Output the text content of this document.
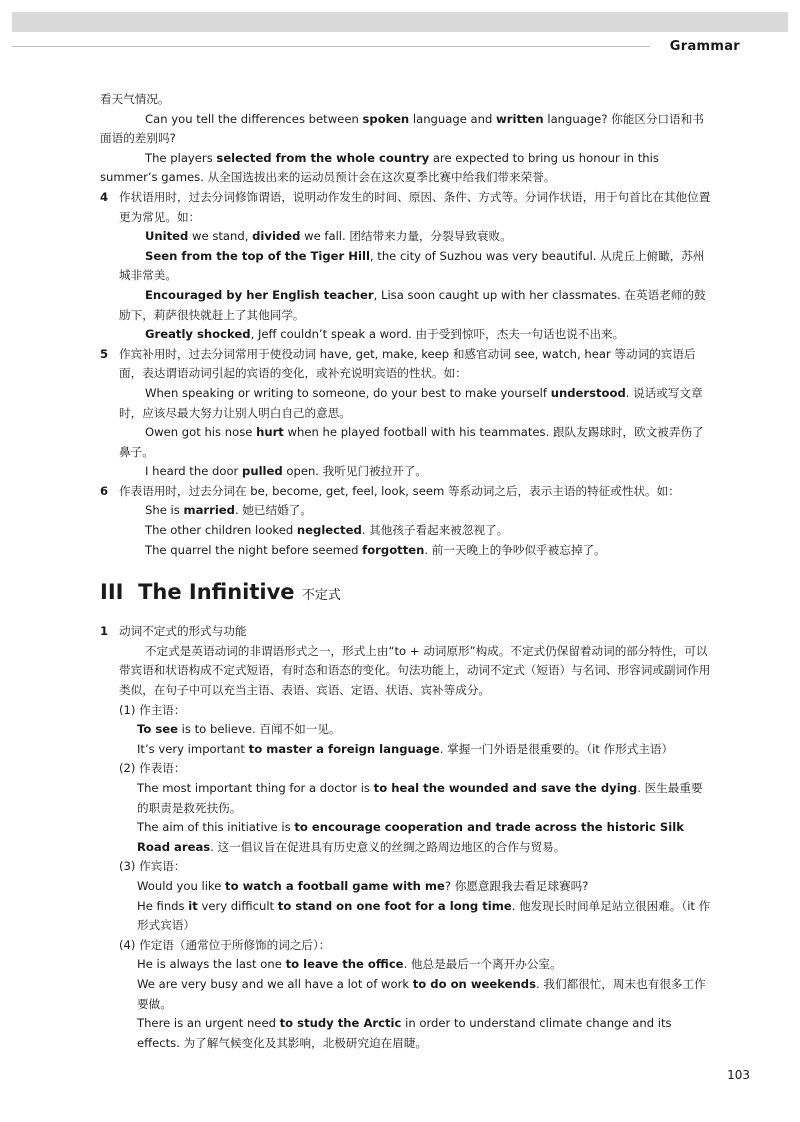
Grammar

看天气情况。

Can you tell the differences between spoken language and written language? 你能区分口语和书面语的差别吗?

The players selected from the whole country are expected to bring us honour in this summer’s games. 从全国选拔出来的运动员预计会在这次夏季比赛中给我们带来荣誉。

4 作状语用时，过去分词修饰谓语，说明动作发生的时间、原因、条件、方式等。分词作状语，用于句首比在其他位置更为常见。如：

United we stand, divided we fall. 团结带来力量，分裂导致衰败。

Seen from the top of the Tiger Hill, the city of Suzhou was very beautiful. 从虎丘上俯瞰，苏州城非常美。

Encouraged by her English teacher, Lisa soon caught up with her classmates. 在英语老师的鼓励下，莉萨很快就赶上了其他同学。

Greatly shocked, Jeff couldn’t speak a word. 由于受到惊吓，杰夫一句话也说不出来。

5 作宾补用时，过去分词常用于使役动词 have, get, make, keep 和感官动词 see, watch, hear 等动词的宾语后面，表达谓语动词引起的宾语的变化，或补充说明宾语的性状。如：

When speaking or writing to someone, do your best to make yourself understood. 说话或写文章时，应该尽最大努力让别人明白自己的意思。

Owen got his nose hurt when he played football with his teammates. 跟队友踢球时，欧文被弄伤了鼻子。

I heard the door pulled open. 我听见门被拉开了。

6 作表语用时，过去分词在 be, become, get, feel, look, seem 等系动词之后，表示主语的特征或性状。如：

She is married. 她已结婚了。

The other children looked neglected. 其他孩子看起来被忽视了。

The quarrel the night before seemed forgotten. 前一天晚上的争吵似乎被忘掉了。

III The Infinitive 不定式

1 动词不定式的形式与功能

不定式是英语动词的非谓语形式之一，形式上由“to + 动词原形”构成。不定式仍保留着动词的部分特性，可以带宾语和状语构成不定式短语，有时态和语态的变化。句法功能上，动词不定式（短语）与名词、形容词或副词作用类似，在句子中可以充当主语、表语、宾语、定语、状语、宾补等成分。

(1) 作主语：

To see is to believe. 百闻不如一见。

It’s very important to master a foreign language. 掌握一门外语是很重要的。（it 作形式主语）

(2) 作表语：

The most important thing for a doctor is to heal the wounded and save the dying. 医生最重要的职责是救死扶伤。

The aim of this initiative is to encourage cooperation and trade across the historic Silk Road areas. 这一倡议旨在促进具有历史意义的丝绸之路周边地区的合作与贸易。

(3) 作宾语：

Would you like to watch a football game with me? 你愿意跟我去看足球赛吗?

He finds it very difficult to stand on one foot for a long time. 他发现长时间单足站立很困难。（it 作形式宾语）

(4) 作定语（通常位于所修饰的词之后）：

He is always the last one to leave the office. 他总是最后一个离开办公室。

We are very busy and we all have a lot of work to do on weekends. 我们都很忙，周末也有很多工作要做。

There is an urgent need to study the Arctic in order to understand climate change and its effects. 为了解气候变化及其影响，北极研究迫在眉睫。

103
